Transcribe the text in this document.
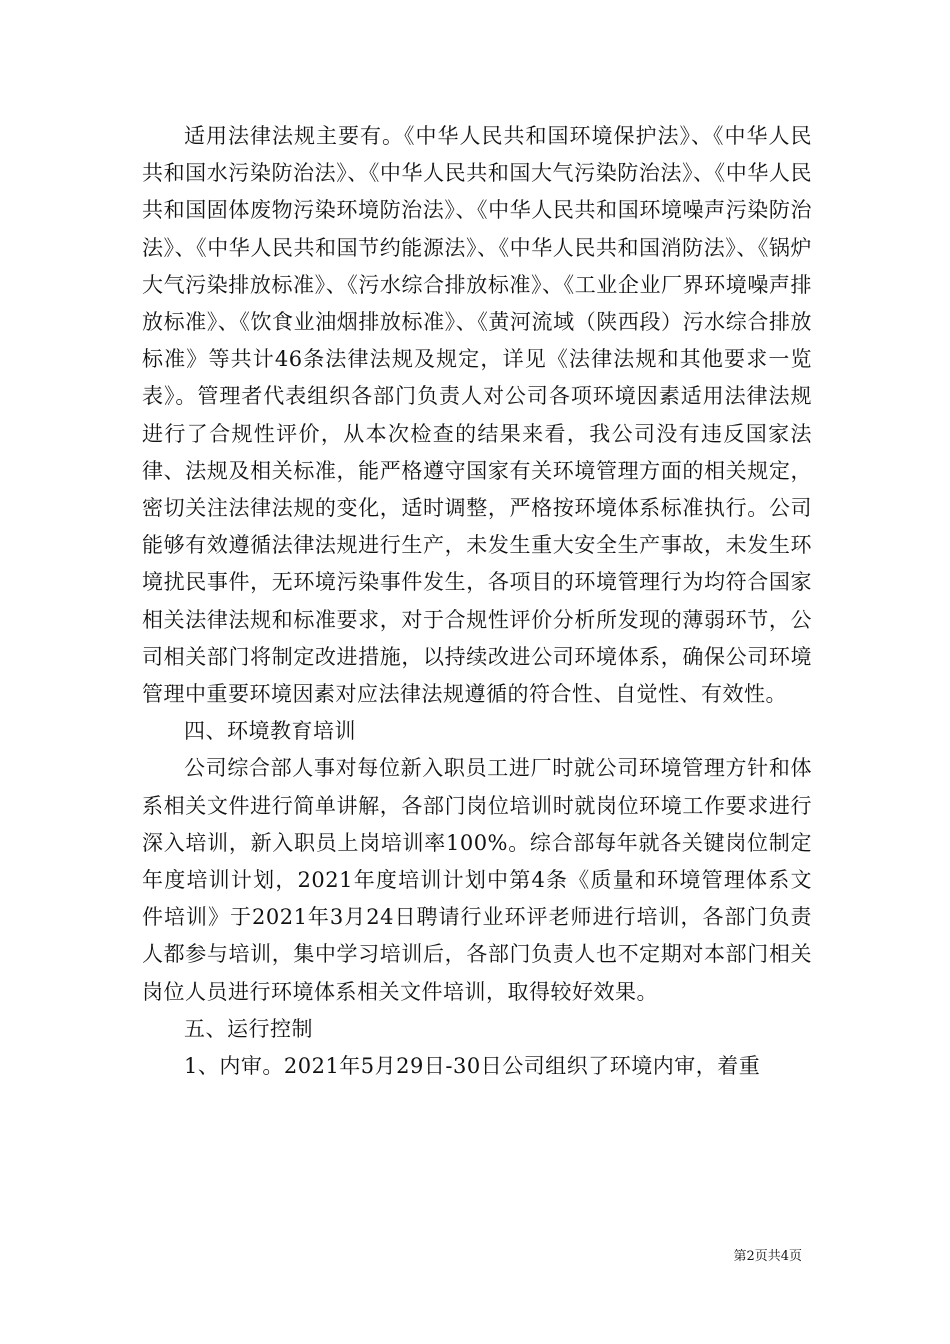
适用法律法规主要有。《中华人民共和国环境保护法》、《中华人民共和国水污染防治法》、《中华人民共和国大气污染防治法》、《中华人民共和国固体废物污染环境防治法》、《中华人民共和国环境噪声污染防治法》、《中华人民共和国节约能源法》、《中华人民共和国消防法》、《锅炉大气污染排放标准》、《污水综合排放标准》、《工业企业厂界环境噪声排放标准》、《饮食业油烟排放标准》、《黄河流域（陕西段）污水综合排放标准》等共计46条法律法规及规定，详见《法律法规和其他要求一览表》。管理者代表组织各部门负责人对公司各项环境因素适用法律法规进行了合规性评价，从本次检查的结果来看，我公司没有违反国家法律、法规及相关标准，能严格遵守国家有关环境管理方面的相关规定，密切关注法律法规的变化，适时调整，严格按环境体系标准执行。公司能够有效遵循法律法规进行生产，未发生重大安全生产事故，未发生环境扰民事件，无环境污染事件发生，各项目的环境管理行为均符合国家相关法律法规和标准要求，对于合规性评价分析所发现的薄弱环节，公司相关部门将制定改进措施，以持续改进公司环境体系，确保公司环境管理中重要环境因素对应法律法规遵循的符合性、自觉性、有效性。

四、环境教育培训

公司综合部人事对每位新入职员工进厂时就公司环境管理方针和体系相关文件进行简单讲解，各部门岗位培训时就岗位环境工作要求进行深入培训，新入职员上岗培训率100%。综合部每年就各关键岗位制定年度培训计划，2021年度培训计划中第4条《质量和环境管理体系文件培训》于2021年3月24日聘请行业环评老师进行培训，各部门负责人都参与培训，集中学习培训后，各部门负责人也不定期对本部门相关岗位人员进行环境体系相关文件培训，取得较好效果。

五、运行控制

1、内审。2021年5月29日-30日公司组织了环境内审，着重

第2页共4页
